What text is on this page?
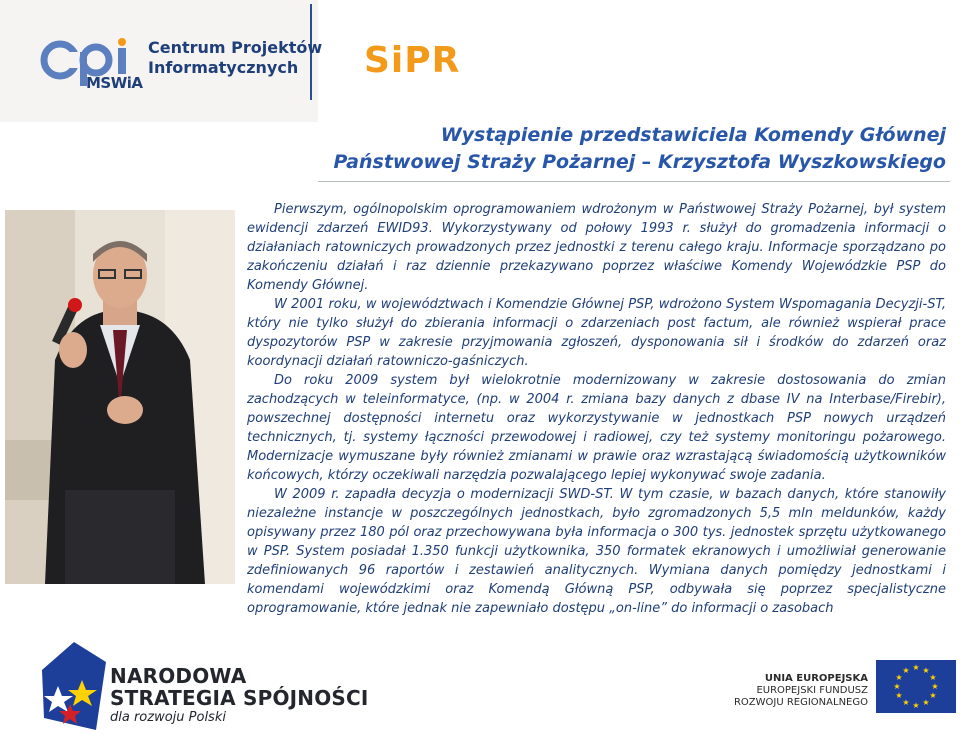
Centrum Projektów
Informatycznych
MSWiA
SiPR
Wystąpienie przedstawiciela Komendy Głównej
Państwowej Straży Pożarnej – Krzysztofa Wyszkowskiego

Pierwszym, ogólnopolskim oprogramowaniem wdrożonym w Państwowej Straży Pożarnej, był system ewidencji zdarzeń EWID93. Wykorzystywany od połowy 1993 r. służył do gromadzenia informacji o działaniach ratowniczych prowadzonych przez jednostki z terenu całego kraju. Informacje sporządzano po zakończeniu działań i raz dziennie przekazywano poprzez właściwe Komendy Wojewódzkie PSP do Komendy Głównej.

W 2001 roku, w województwach i Komendzie Głównej PSP, wdrożono System Wspomagania Decyzji-ST, który nie tylko służył do zbierania informacji o zdarzeniach post factum, ale również wspierał prace dyspozytorów PSP w zakresie przyjmowania zgłoszeń, dysponowania sił i środków do zdarzeń oraz koordynacji działań ratowniczo-gaśniczych.

Do roku 2009 system był wielokrotnie modernizowany w zakresie dostosowania do zmian zachodzących w teleinformatyce, (np. w 2004 r. zmiana bazy danych z dbase IV na Interbase/Firebir), powszechnej dostępności internetu oraz wykorzystywanie w jednostkach PSP nowych urządzeń technicznych, tj. systemy łączności przewodowej i radiowej, czy też systemy monitoringu pożarowego. Modernizacje wymuszane były również zmianami w prawie oraz wzrastającą świadomością użytkowników końcowych, którzy oczekiwali narzędzia pozwalającego lepiej wykonywać swoje zadania.

W 2009 r. zapadła decyzja o modernizacji SWD-ST. W tym czasie, w bazach danych, które stanowiły niezależne instancje w poszczególnych jednostkach, było zgromadzonych 5,5 mln meldunków, każdy opisywany przez 180 pól oraz przechowywana była informacja o 300 tys. jednostek sprzętu użytkowanego w PSP. System posiadał 1.350 funkcji użytkownika, 350 formatek ekranowych i umożliwiał generowanie zdefiniowanych 96 raportów i zestawień analitycznych. Wymiana danych pomiędzy jednostkami i komendami wojewódzkimi oraz Komendą Główną PSP, odbywała się poprzez specjalistyczne oprogramowanie, które jednak nie zapewniało dostępu „on-line” do informacji o zasobach

NARODOWA
STRATEGIA SPÓJNOŚCI
dla rozwoju Polski
UNIA EUROPEJSKA
EUROPEJSKI FUNDUSZ
ROZWOJU REGIONALNEGO
★ ★
★
★
★
★
★
★
★
★
★
★
